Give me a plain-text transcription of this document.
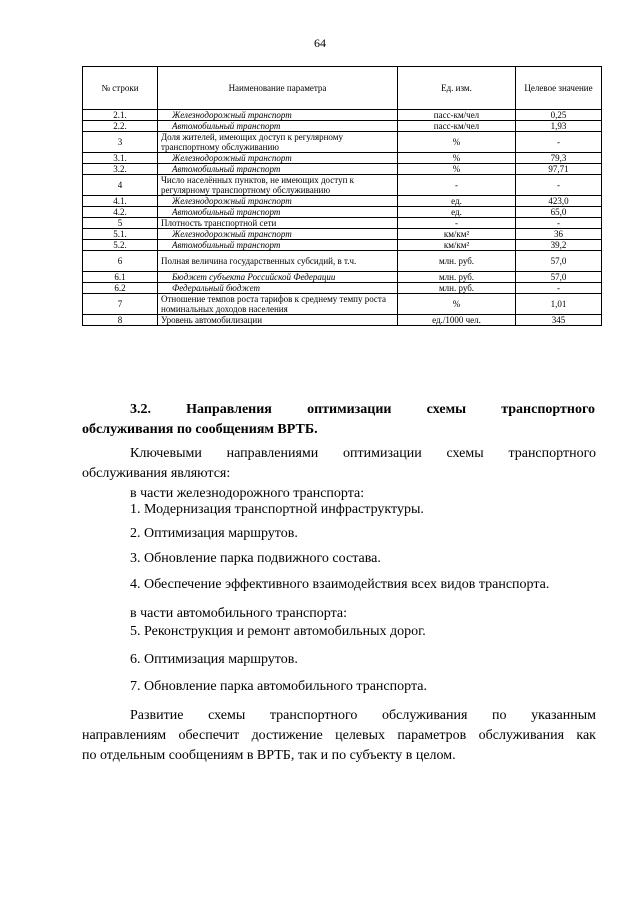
64
№ строки	Наименование параметра	Ед. изм.	Целевое значение
2.1.	Железнодорожный транспорт	пасс-км/чел	0,25
2.2.	Автомобильный транспорт	пасс-км/чел	1,93
3	Доля жителей, имеющих доступ к регулярному транспортному обслуживанию	%	-
3.1.	Железнодорожный транспорт	%	79,3
3.2.	Автомобильный транспорт	%	97,71
4	Число населённых пунктов, не имеющих доступ к регулярному транспортному обслуживанию	-	-
4.1.	Железнодорожный транспорт	ед.	423,0
4.2.	Автомобильный транспорт	ед.	65,0
5	Плотность транспортной сети	-	-
5.1.	Железнодорожный транспорт	км/км²	36
5.2.	Автомобильный транспорт	км/км²	39,2
6	Полная величина государственных субсидий, в т.ч.	млн. руб.	57,0
6.1	Бюджет субъекта Российской Федерации	млн. руб.	57,0
6.2	Федеральный бюджет	млн. руб.	-
7	Отношение темпов роста тарифов к среднему темпу роста номинальных доходов населения	%	1,01
8	Уровень автомобилизации	ед./1000 чел.	345
3.2.	Направления	оптимизации	схемы	транспортного
обслуживания по сообщениям ВРТБ.
Ключевыми направлениями оптимизации схемы транспортного
обслуживания являются:
в части железнодорожного транспорта:
1. Модернизация транспортной инфраструктуры.
2. Оптимизация маршрутов.
3. Обновление парка подвижного состава.
4. Обеспечение эффективного взаимодействия всех видов транспорта.
в части автомобильного транспорта:
5. Реконструкция и ремонт автомобильных дорог.
6. Оптимизация маршрутов.
7. Обновление парка автомобильного транспорта.
Развитие схемы транспортного обслуживания по указанным
направлениям обеспечит достижение целевых параметров обслуживания как
по отдельным сообщениям в ВРТБ, так и по субъекту в целом.
